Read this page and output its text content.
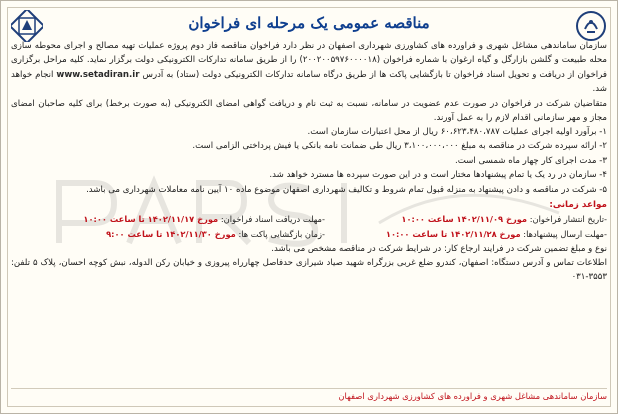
مناقصه عمومی یک مرحله ای فراخوان

سازمان ساماندهی مشاغل شهری و فراورده های کشاورزی شهرداری اصفهان در نظر دارد فراخوان مناقصه فاز دوم پروژه عملیات تهیه مصالح و اجرای محوطه سازی محله طبیعت و گلشن بازارگل و گیاه ارغوان با شماره فراخوان (۲۰۰۲۰۰۵۹۷۶۰۰۰۰۱۸) را از طریق سامانه تدارکات الکترونیکی دولت برگزار نماید. کلیه مراحل برگزاری فراخوان از دریافت و تحویل اسناد فراخوان تا بازگشایی پاکت ها از طریق درگاه سامانه تدارکات الکترونیکی دولت (ستاد) به آدرس www.setadiran.ir انجام خواهد شد.

متقاضیان شرکت در فراخوان در صورت عدم عضویت در سامانه، نسبت به ثبت نام و دریافت گواهی امضای الکترونیکی (به صورت برخط) برای کلیه صاحبان امضای مجاز و مهر سازمانی اقدام لازم را به عمل آورند.

۱- برآورد اولیه اجرای عملیات ۶۰،۶۲۳،۴۸۰،۷۸۷ ریال از محل اعتبارات سازمان است.

۲- ارائه سپرده شرکت در مناقصه به مبلغ ۳،۱۰۰،۰۰۰،۰۰۰ ریال طی ضمانت نامه بانکی یا فیش پرداختی الزامی است.

۳- مدت اجرای کار چهار ماه شمسی است.

۴- سازمان در رد یک یا تمام پیشنهادها مختار است و در این صورت سپرده ها مسترد خواهد شد.

۵- شرکت در مناقصه و دادن پیشنهاد به منزله قبول تمام شروط و تکالیف شهرداری اصفهان موضوع ماده ۱۰ آیین نامه معاملات شهرداری می باشد.

مواعد زمانی:

-تاریخ انتشار فراخوان: مورخ ۱۴۰۲/۱۱/۰۹ ساعت ۱۰:۰۰-مهلت دریافت اسناد فراخوان: مورخ ۱۴۰۲/۱۱/۱۷ تا ساعت ۱۰:۰۰

-مهلت ارسال پیشنهادها: مورخ ۱۴۰۲/۱۱/۲۸ تا ساعت ۱۰:۰۰-زمان بازگشایی پاکت ها: مورخ ۱۴۰۲/۱۱/۳۰ تا ساعت ۹:۰۰

نوع و مبلغ تضمین شرکت در فرایند ارجاع کار: در شرایط شرکت در مناقصه مشخص می باشد.

اطلاعات تماس و آدرس دستگاه: اصفهان، کندرو ضلع غربی بزرگراه شهید صیاد شیرازی حدفاصل چهارراه پیروزی و خیابان رکن الدوله، نبش کوچه احسان، پلاک ۵ تلفن: ۳۵۵۳-۰۳۱

سازمان ساماندهی مشاغل شهری و فراورده های کشاورزی شهرداری اصفهان
